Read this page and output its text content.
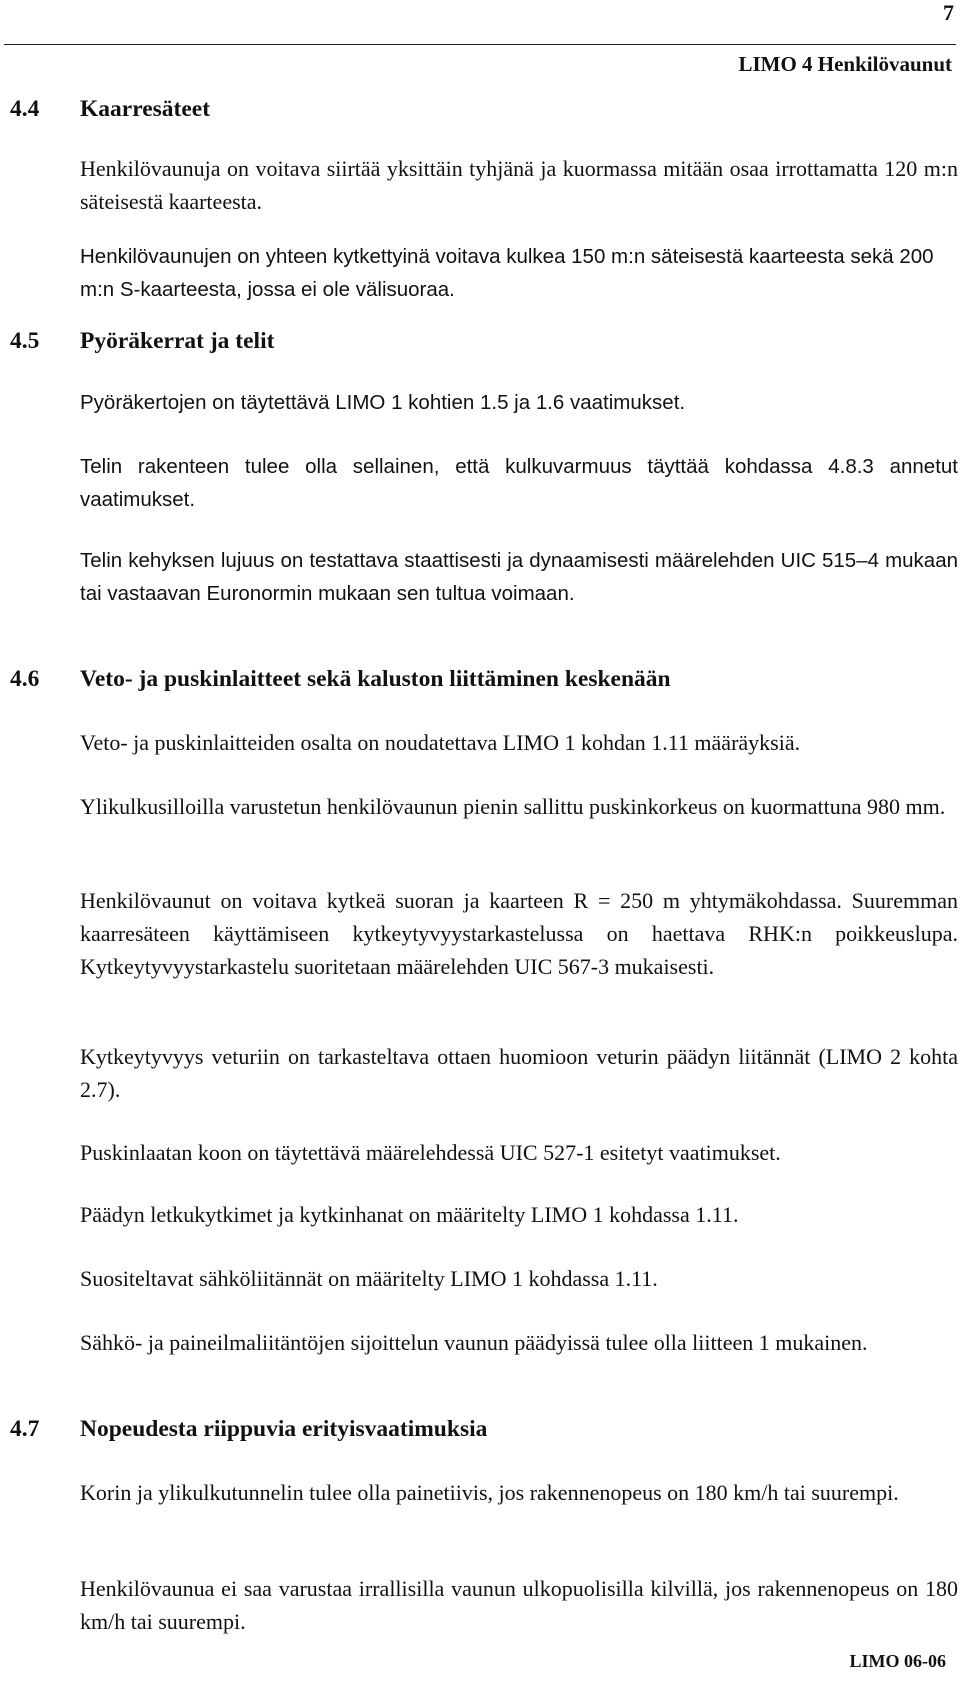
7
LIMO 4 Henkilövaunut
4.4	Kaarresäteet

Henkilövaunuja on voitava siirtää yksittäin tyhjänä ja kuormassa mitään osaa irrottamatta 120 m:n säteisestä kaarteesta.

Henkilövaunujen on yhteen kytkettyinä voitava kulkea 150 m:n säteisestä kaarteesta sekä 200 m:n S-kaarteesta, jossa ei ole välisuoraa.

4.5	Pyöräkerrat ja telit

Pyöräkertojen on täytettävä LIMO 1 kohtien 1.5 ja 1.6 vaatimukset.

Telin rakenteen tulee olla sellainen, että kulkuvarmuus täyttää kohdassa 4.8.3 annetut vaatimukset.

Telin kehyksen lujuus on testattava staattisesti ja dynaamisesti määrelehden UIC 515–4 mukaan tai vastaavan Euronormin mukaan sen tultua voimaan.

4.6	Veto- ja puskinlaitteet sekä kaluston liittäminen keskenään

Veto- ja puskinlaitteiden osalta on noudatettava LIMO 1 kohdan 1.11 määräyksiä.

Ylikulkusilloilla varustetun henkilövaunun pienin sallittu puskinkorkeus on kuormattuna 980 mm.

Henkilövaunut on voitava kytkeä suoran ja kaarteen R = 250 m yhtymäkohdassa. Suuremman kaarresäteen käyttämiseen kytkeytyvyystarkastelussa on haettava RHK:n poikkeuslupa. Kytkeytyvyystarkastelu suoritetaan määrelehden UIC 567-3 mukaisesti.

Kytkeytyvyys veturiin on tarkasteltava ottaen huomioon veturin päädyn liitännät (LIMO 2 kohta 2.7).

Puskinlaatan koon on täytettävä määrelehdessä UIC 527-1 esitetyt vaatimukset.

Päädyn letkukytkimet ja kytkinhanat on määritelty LIMO 1 kohdassa 1.11.

Suositeltavat sähköliitännät on määritelty LIMO 1 kohdassa 1.11.

Sähkö- ja paineilmaliitäntöjen sijoittelun vaunun päädyissä tulee olla liitteen 1 mukainen.

4.7	Nopeudesta riippuvia erityisvaatimuksia

Korin ja ylikulkutunnelin tulee olla painetiivis, jos rakennenopeus on 180 km/h tai suurempi.

Henkilövaunua ei saa varustaa irrallisilla vaunun ulkopuolisilla kilvillä, jos rakennenopeus on 180 km/h tai suurempi.

LIMO 06-06
